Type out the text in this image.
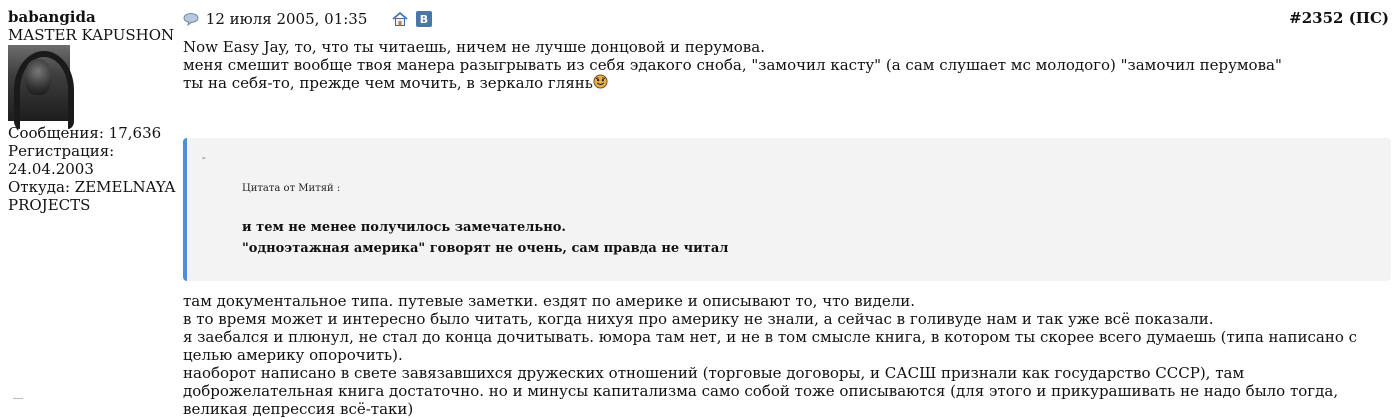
babangida
MASTER KAPUSHON
Сообщения: 17,636
Регистрация: 24.04.2003
Откуда: ZEMELNAYA PROJECTS
12 июля 2005, 01:35	В	#2352 (ПС)

Now Easy Jay, то, что ты читаешь, ничем не лучше донцовой и перумова.

меня смешит вообще твоя манера разыгрывать из себя эдакого сноба, "замочил касту" (а сам слушает мс молодого) "замочил перумова"

ты на себя-то, прежде чем мочить, в зеркало глянь

-
Цитата от Митяй :
и тем не менее получилось замечательно.
"одноэтажная америка" говорят не очень, сам правда не читал

там документальное типа. путевые заметки. ездят по америке и описывают то, что видели.

в то время может и интересно было читать, когда нихуя про америку не знали, а сейчас в голивуде нам и так уже всё показали.

я заебался и плюнул, не стал до конца дочитывать. юмора там нет, и не в том смысле книга, в котором ты скорее всего думаешь (типа написано с целью америку опорочить).

наоборот написано в свете завязавшихся дружеских отношений (торговые договоры, и САСШ признали как государство СССР), там доброжелательная книга достаточно. но и минусы капитализма само собой тоже описываются (для этого и прикурашивать не надо было тогда, великая депрессия всё-таки)
